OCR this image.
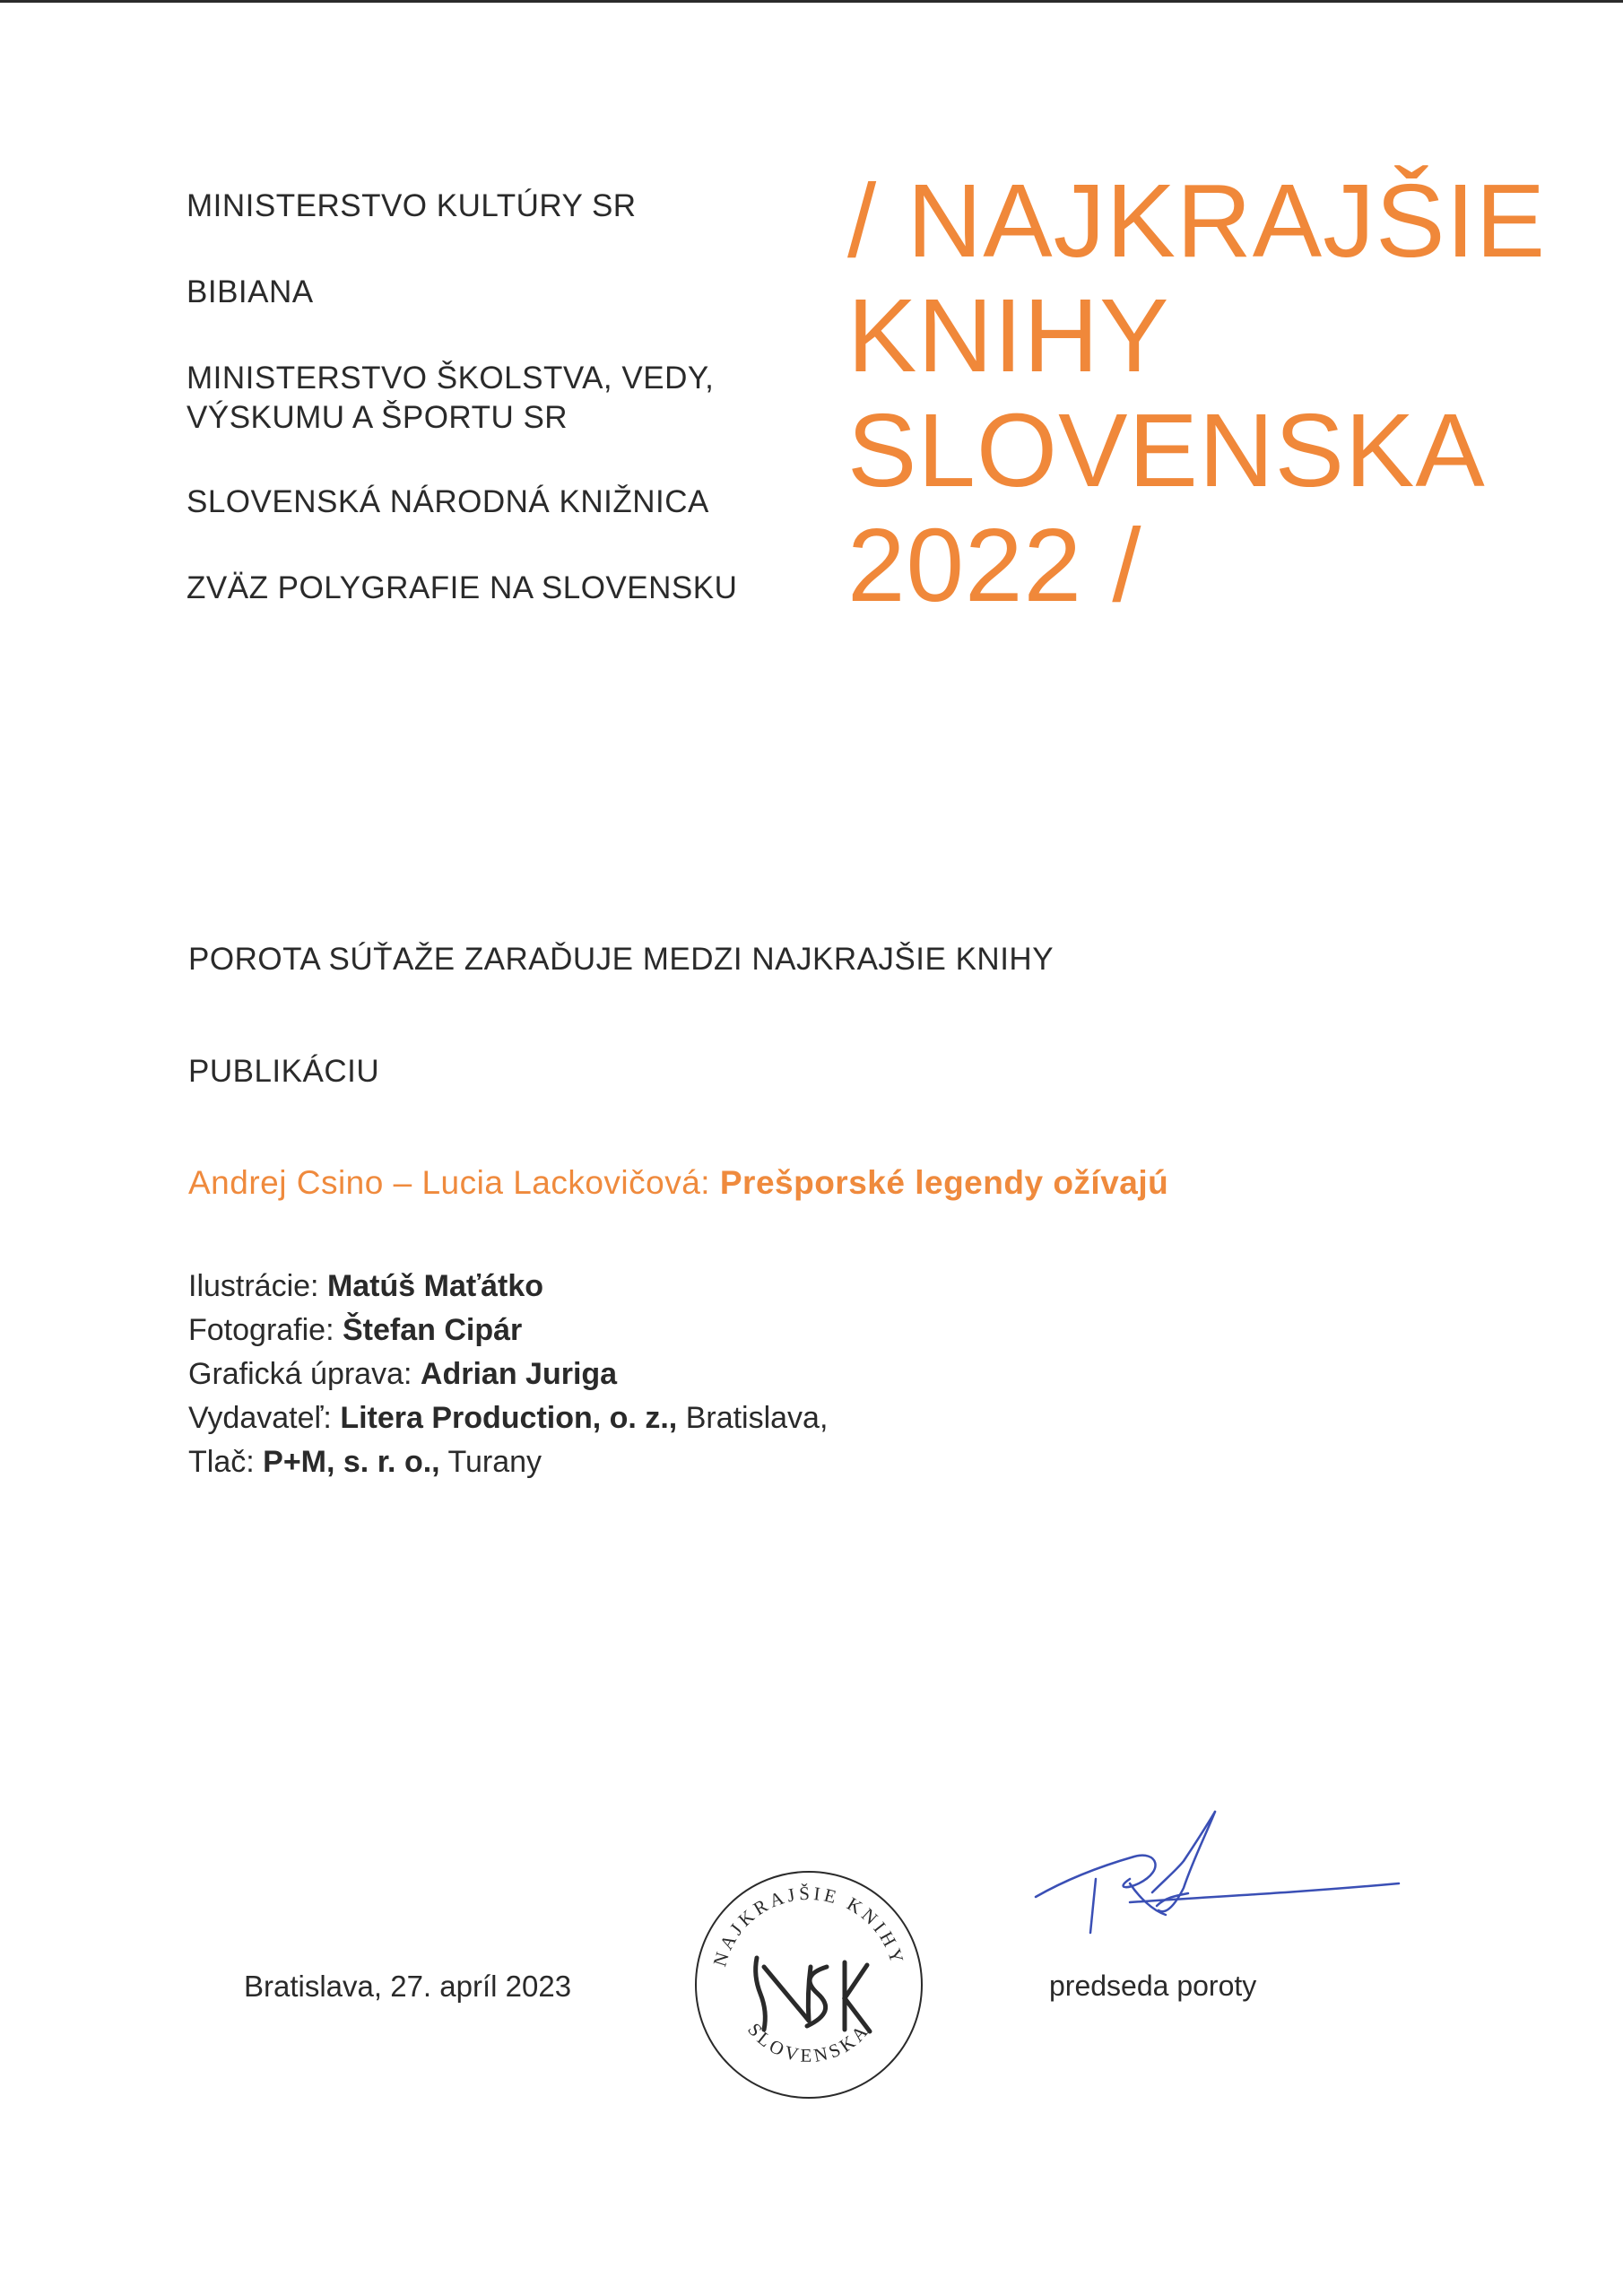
MINISTERSTVO KULTÚRY SR
BIBIANA
MINISTERSTVO ŠKOLSTVA, VEDY,
VÝSKUMU A ŠPORTU SR
SLOVENSKÁ NÁRODNÁ KNIŽNICA
ZVÄZ POLYGRAFIE NA SLOVENSKU
/ NAJKRAJŠIE
KNIHY
SLOVENSKA
2022 /
POROTA SÚŤAŽE ZARAĎUJE MEDZI NAJKRAJŠIE KNIHY
PUBLIKÁCIU
Andrej Csino – Lucia Lackovičová: Prešporské legendy ožívajú
Ilustrácie: Matúš Maťátko
Fotografie: Štefan Cipár
Grafická úprava: Adrian Juriga
Vydavateľ: Litera Production, o. z., Bratislava,
Tlač: P+M, s. r. o., Turany
Bratislava, 27. apríl 2023
NAJKRAJŠIE KNIHY
SLOVENSKA
predseda poroty
